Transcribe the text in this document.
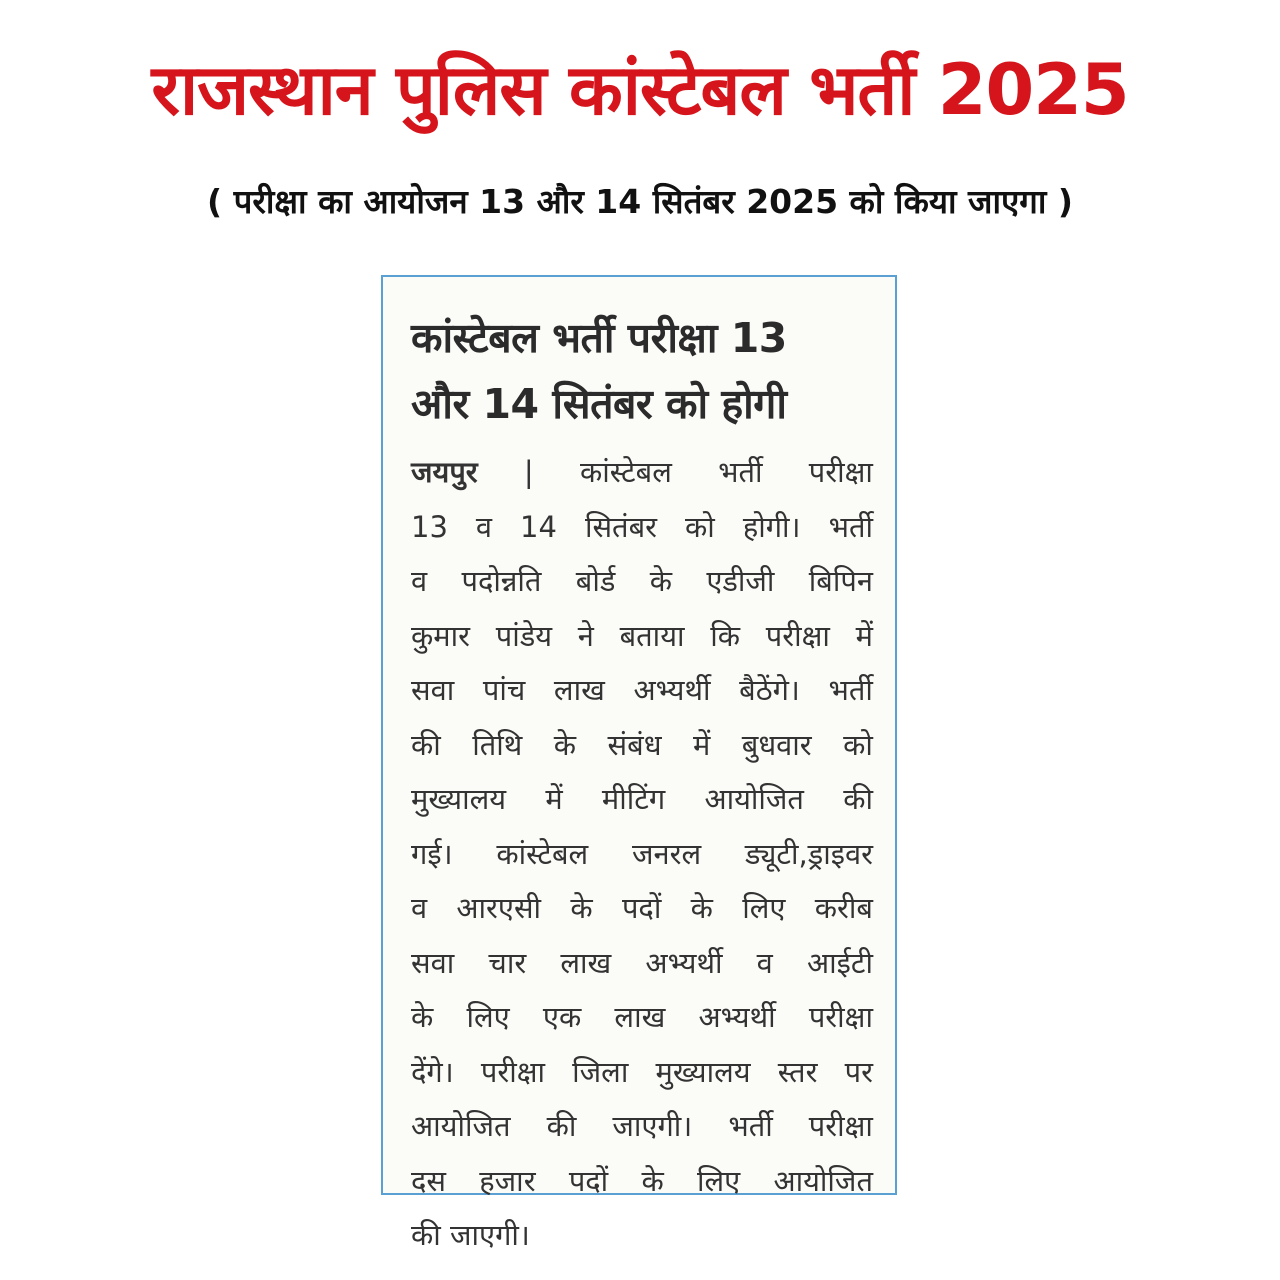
राजस्थान पुलिस कांस्टेबल भर्ती 2025
( परीक्षा का आयोजन 13 और 14 सितंबर 2025 को किया जाएगा )
कांस्टेबल भर्ती परीक्षा 13
और 14 सितंबर को होगी
जयपुर | कांस्टेबल भर्ती परीक्षा
13 व 14 सितंबर को होगी। भर्ती
व पदोन्नति बोर्ड के एडीजी बिपिन
कुमार पांडेय ने बताया कि परीक्षा में
सवा पांच लाख अभ्यर्थी बैठेंगे। भर्ती
की तिथि के संबंध में बुधवार को
मुख्यालय में मीटिंग आयोजित की
गई। कांस्टेबल जनरल ड्यूटी,ड्राइवर
व आरएसी के पदों के लिए करीब
सवा चार लाख अभ्यर्थी व आईटी
के लिए एक लाख अभ्यर्थी परीक्षा
देंगे। परीक्षा जिला मुख्यालय स्तर पर
आयोजित की जाएगी। भर्ती परीक्षा
दस हजार पदों के लिए आयोजित
की जाएगी।
